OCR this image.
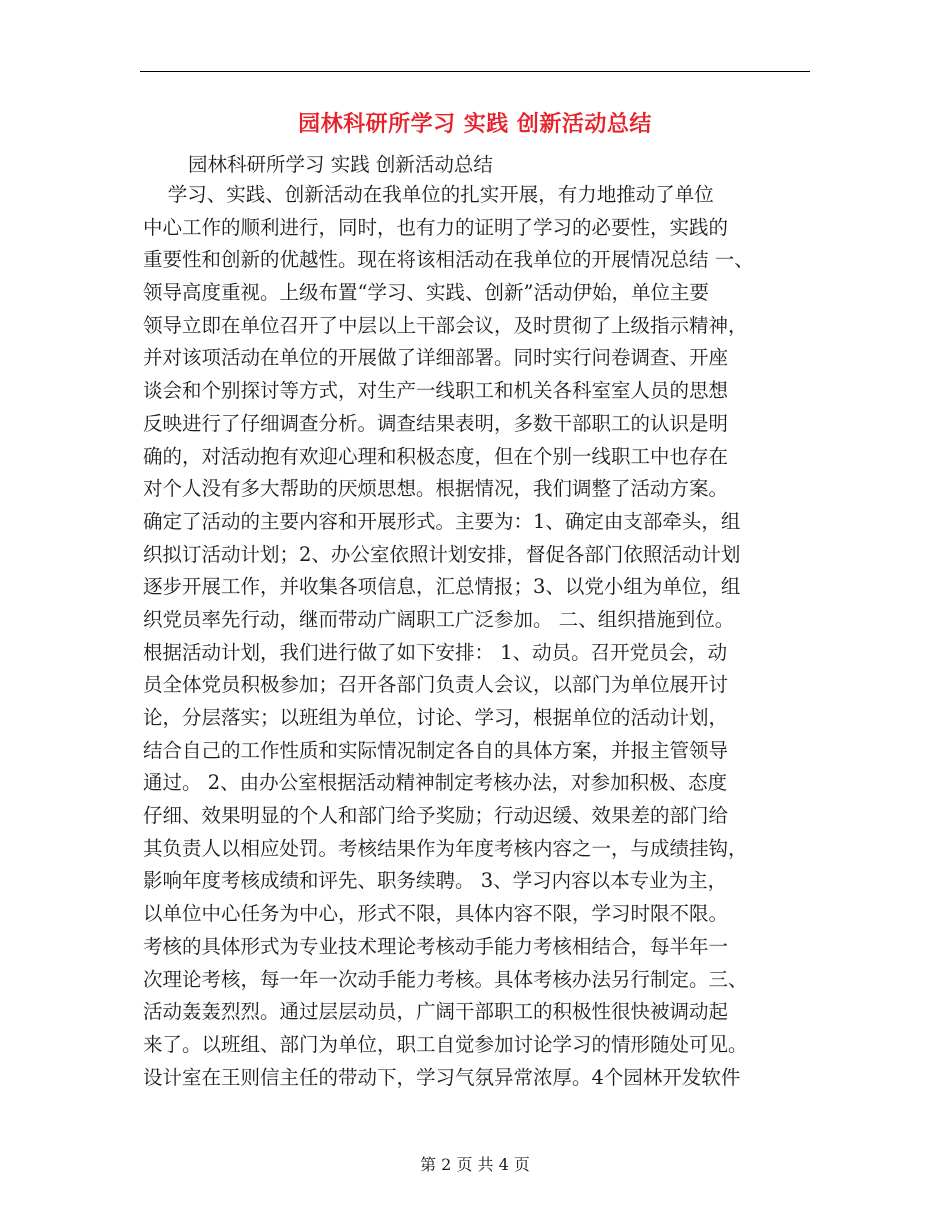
园林科研所学习 实践 创新活动总结
园林科研所学习 实践 创新活动总结
学习、实践、创新活动在我单位的扎实开展，有力地推动了单位
中心工作的顺利进行，同时，也有力的证明了学习的必要性，实践的
重要性和创新的优越性。现在将该相活动在我单位的开展情况总结 一、
领导高度重视。上级布置“学习、实践、创新”活动伊始，单位主要
领导立即在单位召开了中层以上干部会议，及时贯彻了上级指示精神，
并对该项活动在单位的开展做了详细部署。同时实行问卷调查、开座
谈会和个别探讨等方式，对生产一线职工和机关各科室室人员的思想
反映进行了仔细调查分析。调查结果表明，多数干部职工的认识是明
确的，对活动抱有欢迎心理和积极态度，但在个别一线职工中也存在
对个人没有多大帮助的厌烦思想。根据情况，我们调整了活动方案。
确定了活动的主要内容和开展形式。主要为：1、确定由支部牵头，组
织拟订活动计划；2、办公室依照计划安排，督促各部门依照活动计划
逐步开展工作，并收集各项信息，汇总情报；3、以党小组为单位，组
织党员率先行动，继而带动广阔职工广泛参加。 二、组织措施到位。
根据活动计划，我们进行做了如下安排： 1、动员。召开党员会，动
员全体党员积极参加；召开各部门负责人会议，以部门为单位展开讨
论，分层落实；以班组为单位，讨论、学习，根据单位的活动计划，
结合自己的工作性质和实际情况制定各自的具体方案，并报主管领导
通过。 2、由办公室根据活动精神制定考核办法，对参加积极、态度
仔细、效果明显的个人和部门给予奖励；行动迟缓、效果差的部门给
其负责人以相应处罚。考核结果作为年度考核内容之一，与成绩挂钩，
影响年度考核成绩和评先、职务续聘。 3、学习内容以本专业为主，
以单位中心任务为中心，形式不限，具体内容不限，学习时限不限。
考核的具体形式为专业技术理论考核动手能力考核相结合，每半年一
次理论考核，每一年一次动手能力考核。具体考核办法另行制定。三、
活动轰轰烈烈。通过层层动员，广阔干部职工的积极性很快被调动起
来了。以班组、部门为单位，职工自觉参加讨论学习的情形随处可见。
设计室在王则信主任的带动下，学习气氛异常浓厚。4个园林开发软件
第 2 页 共 4 页
